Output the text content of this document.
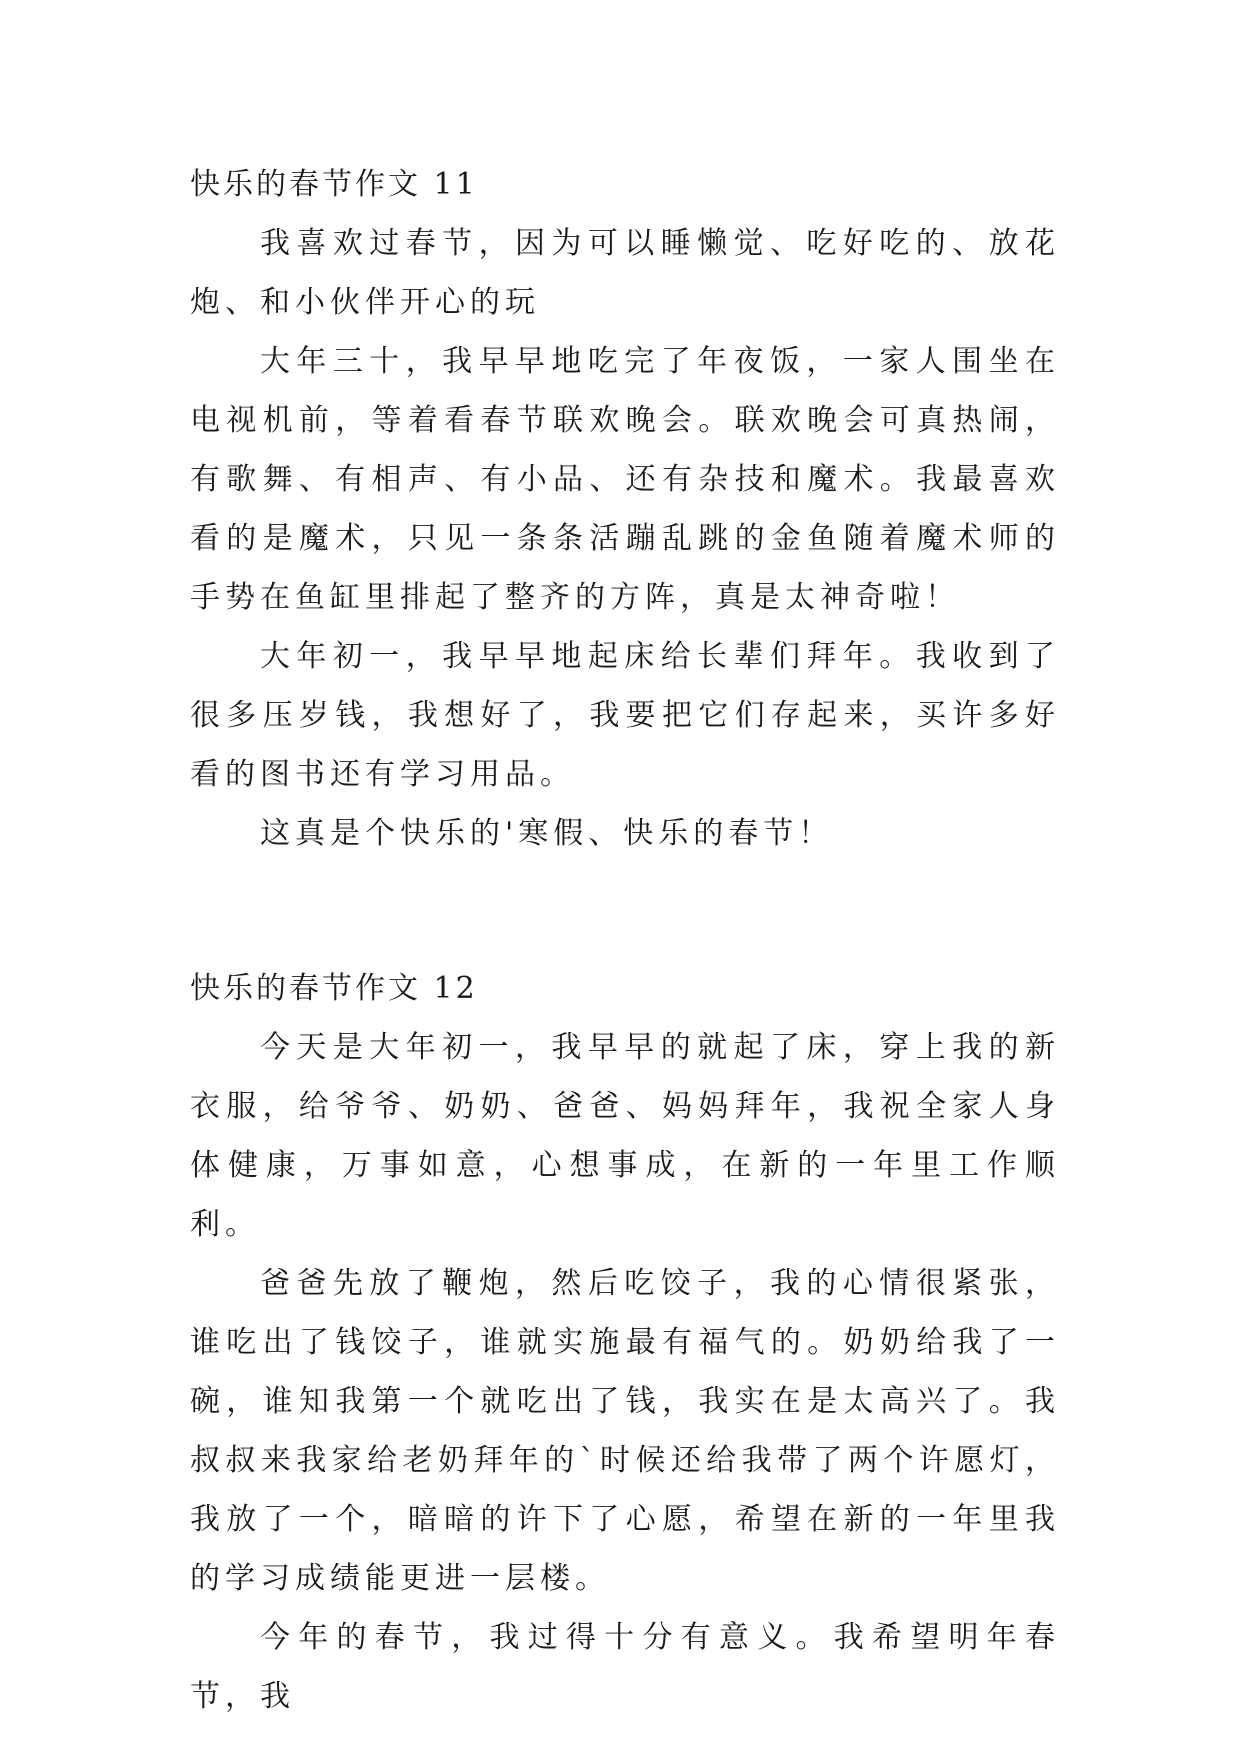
快乐的春节作文 11

我喜欢过春节，因为可以睡懒觉、吃好吃的、放花炮、和小伙伴开心的玩

大年三十，我早早地吃完了年夜饭，一家人围坐在电视机前，等着看春节联欢晚会。联欢晚会可真热闹，有歌舞、有相声、有小品、还有杂技和魔术。我最喜欢看的是魔术，只见一条条活蹦乱跳的金鱼随着魔术师的手势在鱼缸里排起了整齐的方阵，真是太神奇啦！

大年初一，我早早地起床给长辈们拜年。我收到了很多压岁钱，我想好了，我要把它们存起来，买许多好看的图书还有学习用品。

这真是个快乐的'寒假、快乐的春节！

快乐的春节作文 12

今天是大年初一，我早早的就起了床，穿上我的新衣服，给爷爷、奶奶、爸爸、妈妈拜年，我祝全家人身体健康，万事如意，心想事成，在新的一年里工作顺利。

爸爸先放了鞭炮，然后吃饺子，我的心情很紧张，谁吃出了钱饺子，谁就实施最有福气的。奶奶给我了一碗，谁知我第一个就吃出了钱，我实在是太高兴了。我叔叔来我家给老奶拜年的`时候还给我带了两个许愿灯，我放了一个，暗暗的许下了心愿，希望在新的一年里我的学习成绩能更进一层楼。

今年的春节，我过得十分有意义。我希望明年春节，我
